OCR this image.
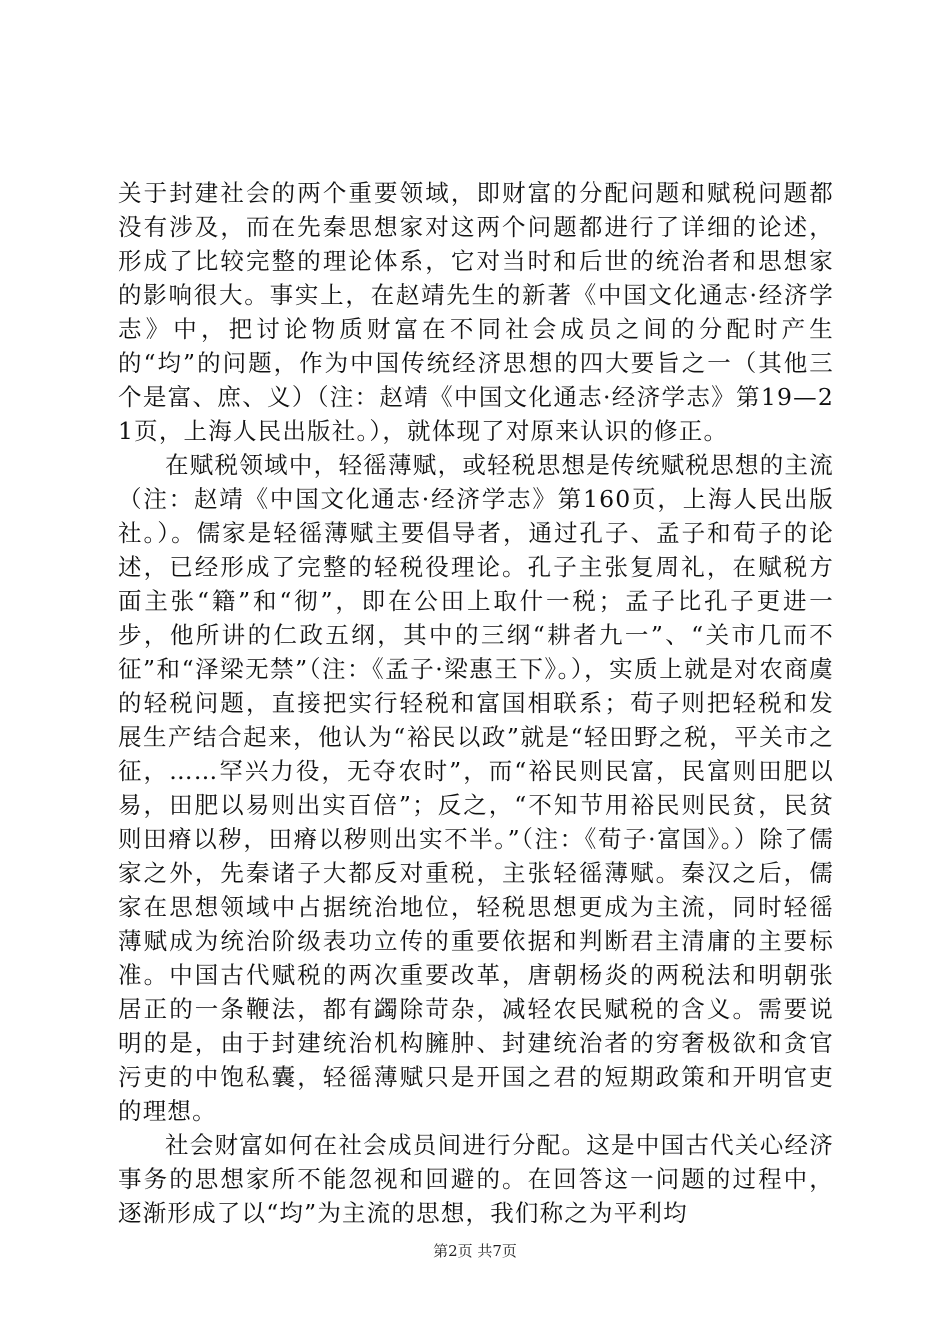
关于封建社会的两个重要领域，即财富的分配问题和赋税问题都没有涉及，而在先秦思想家对这两个问题都进行了详细的论述，形成了比较完整的理论体系，它对当时和后世的统治者和思想家的影响很大。事实上，在赵靖先生的新著《中国文化通志·经济学志》中，把讨论物质财富在不同社会成员之间的分配时产生的“均”的问题，作为中国传统经济思想的四大要旨之一（其他三个是富、庶、义）（注：赵靖《中国文化通志·经济学志》第19—21页，上海人民出版社。），就体现了对原来认识的修正。

在赋税领域中，轻徭薄赋，或轻税思想是传统赋税思想的主流（注：赵靖《中国文化通志·经济学志》第160页，上海人民出版社。）。儒家是轻徭薄赋主要倡导者，通过孔子、孟子和荀子的论述，已经形成了完整的轻税役理论。孔子主张复周礼，在赋税方面主张“籍”和“彻”，即在公田上取什一税；孟子比孔子更进一步，他所讲的仁政五纲，其中的三纲“耕者九一”、“关市几而不征”和“泽梁无禁”（注：《孟子·梁惠王下》。），实质上就是对农商虞的轻税问题，直接把实行轻税和富国相联系；荀子则把轻税和发展生产结合起来，他认为“裕民以政”就是“轻田野之税，平关市之征，……罕兴力役，无夺农时”，而“裕民则民富，民富则田肥以易，田肥以易则出实百倍”；反之，“不知节用裕民则民贫，民贫则田瘠以秽，田瘠以秽则出实不半。”（注：《荀子·富国》。）除了儒家之外，先秦诸子大都反对重税，主张轻徭薄赋。秦汉之后，儒家在思想领域中占据统治地位，轻税思想更成为主流，同时轻徭薄赋成为统治阶级表功立传的重要依据和判断君主清庸的主要标准。中国古代赋税的两次重要改革，唐朝杨炎的两税法和明朝张居正的一条鞭法，都有蠲除苛杂，减轻农民赋税的含义。需要说明的是，由于封建统治机构臃肿、封建统治者的穷奢极欲和贪官污吏的中饱私囊，轻徭薄赋只是开国之君的短期政策和开明官吏的理想。

社会财富如何在社会成员间进行分配。这是中国古代关心经济事务的思想家所不能忽视和回避的。在回答这一问题的过程中，逐渐形成了以“均”为主流的思想，我们称之为平利均

第2页 共7页
